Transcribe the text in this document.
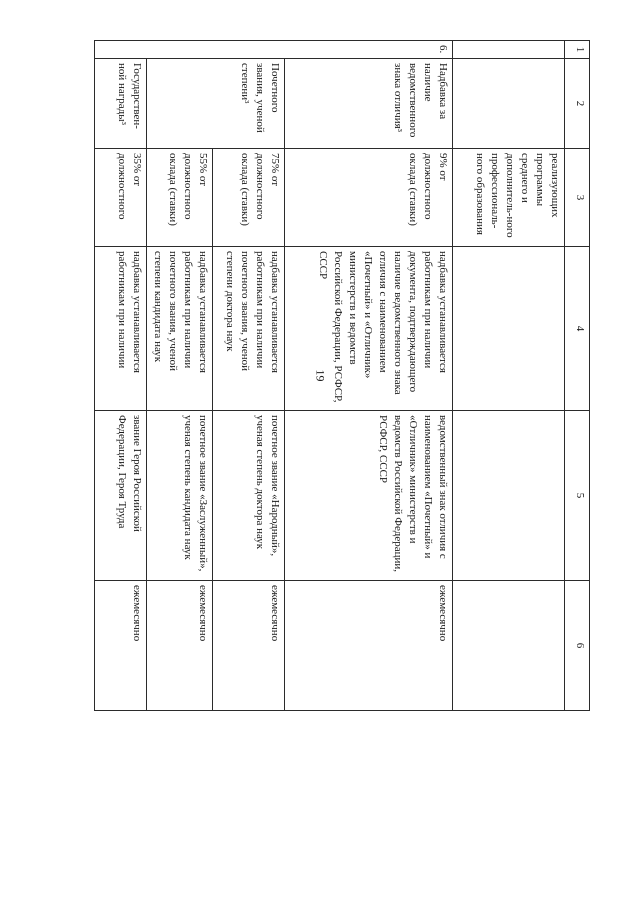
19
1	2	3	4	5	6
		реализующих программы среднего и дополнитель-ного профессиональ-ного образования			
6.	Надбавка за наличие ведомственного знака отличия³	9% от должностного оклада (ставки)	надбавка устанавливается работникам при наличии документа, подтверждающего наличие ведомственного знака отличия с наименованием «Почетный» и «Отличник» министерств и ведомств Российской Федерации, РСФСР, СССР	ведомственный знак отличия с наименованием «Почетный» и «Отличник» министерств и ведомств Российской Федерации, РСФСР, СССР	ежемесячно
	Почетного звания, ученой степени³	75% от должностного оклада (ставки)	надбавка устанавливается работникам при наличии почетного звания, ученой степени доктора наук	почетное звание «Народный», ученая степень доктора наук	ежемесячно
		55% от должностного оклада (ставки)	надбавка устанавливается работникам при наличии почетного звания, ученой степени кандидата наук	почетное звание «Заслуженный», ученая степень кандидата наук	ежемесячно
	Государствен-ной награды³	35% от должностного	надбавка устанавливается работникам при наличии	звание Героя Российской Федерации, Героя Труда	ежемесячно
